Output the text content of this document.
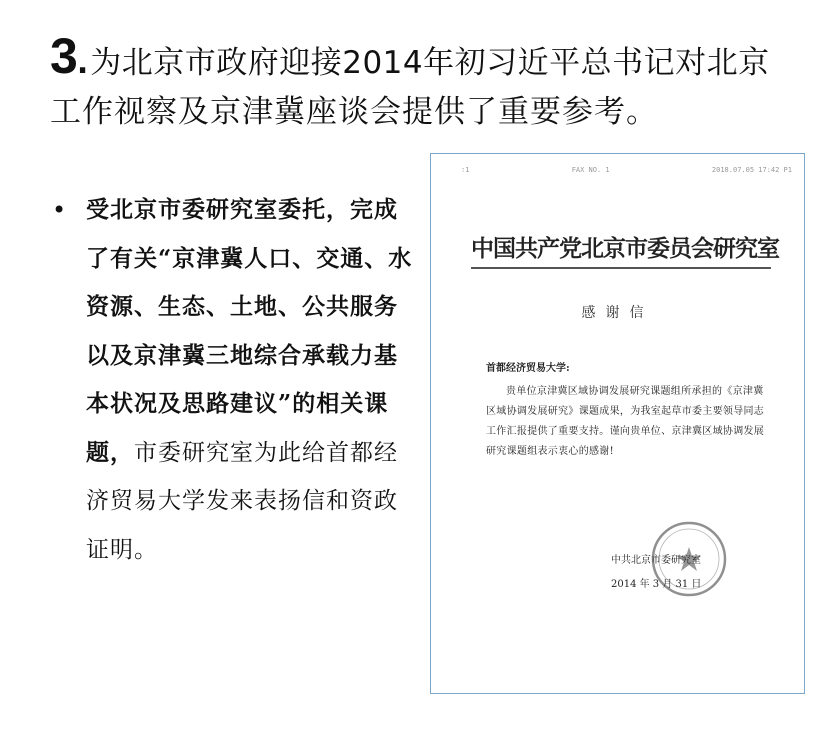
3 . 为北京市政府迎接2014年初习近平总书记对北京
工作视察及京津冀座谈会提供了重要参考。
• 受北京市委研究室委托，完成了有关“京津冀人口、交通、水资源、生态、土地、公共服务以及京津冀三地综合承载力基本状况及思路建议”的相关课题，市委研究室为此给首都经济贸易大学发来表扬信和资政证明。
∶1	FAX NO. 1	2018.07.05 17:42 P1
中国共产党北京市委员会研究室
感谢信
首都经济贸易大学:
贵单位京津冀区域协调发展研究课题组所承担的《京津冀区域协调发展研究》课题成果，为我室起草市委主要领导同志工作汇报提供了重要支持。谨向贵单位、京津冀区域协调发展研究课题组表示衷心的感谢!
中共北京市委研究室
2014 年 3 月 31 日
